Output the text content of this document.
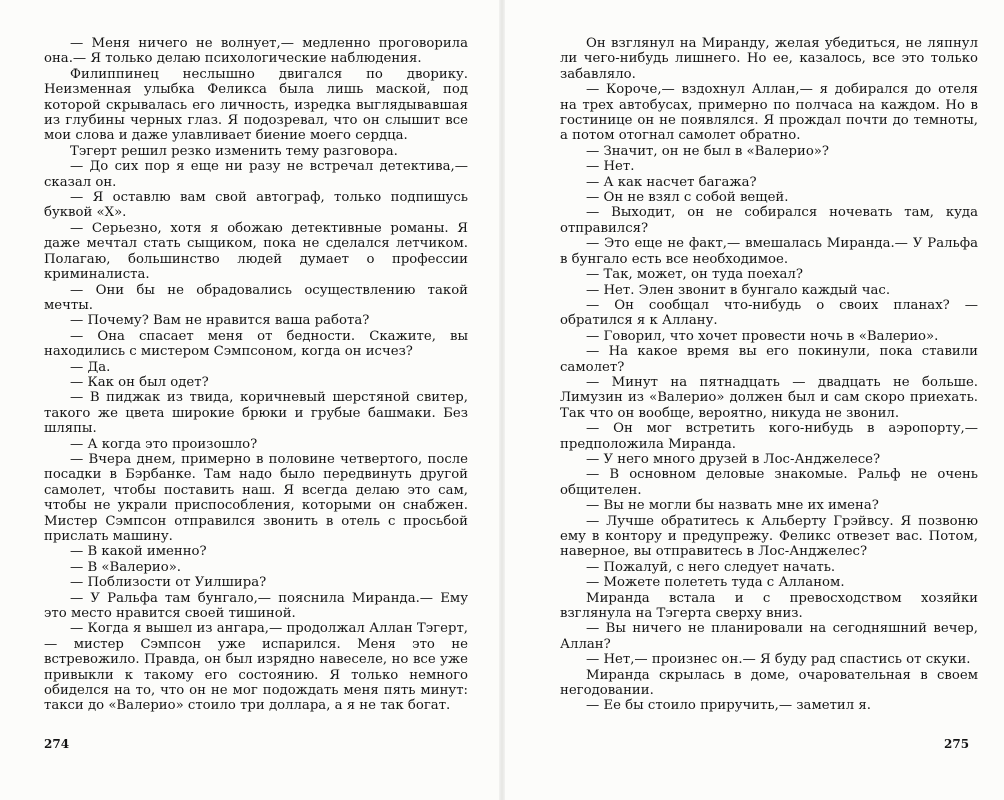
— Меня ничего не волнует,— медленно проговорила она.— Я только делаю психологические наблюдения.

Филиппинец неслышно двигался по дворику. Неизменная улыбка Феликса была лишь маской, под которой скрывалась его личность, изредка выглядывавшая из глубины черных глаз. Я подозревал, что он слышит все мои слова и даже улавливает биение моего сердца.

Тэгерт решил резко изменить тему разговора.

— До сих пор я еще ни разу не встречал детектива,— сказал он.

— Я оставлю вам свой автограф, только подпишусь буквой «Х».

— Серьезно, хотя я обожаю детективные романы. Я даже мечтал стать сыщиком, пока не сделался летчиком. Полагаю, большинство людей думает о профессии криминалиста.

— Они бы не обрадовались осуществлению такой мечты.

— Почему? Вам не нравится ваша работа?

— Она спасает меня от бедности. Скажите, вы находились с мистером Сэмпсоном, когда он исчез?

— Да.

— Как он был одет?

— В пиджак из твида, коричневый шерстяной свитер, такого же цвета широкие брюки и грубые башмаки. Без шляпы.

— А когда это произошло?

— Вчера днем, примерно в половине четвертого, после посадки в Бэрбанке. Там надо было передвинуть другой самолет, чтобы поставить наш. Я всегда делаю это сам, чтобы не украли приспособления, которыми он снабжен. Мистер Сэмпсон отправился звонить в отель с просьбой прислать машину.

— В какой именно?

— В «Валерио».

— Поблизости от Уилшира?

— У Ральфа там бунгало,— пояснила Миранда.— Ему это место нравится своей тишиной.

— Когда я вышел из ангара,— продолжал Аллан Тэгерт,— мистер Сэмпсон уже испарился. Меня это не встревожило. Правда, он был изрядно навеселе, но все уже привыкли к такому его состоянию. Я только немного обиделся на то, что он не мог подождать меня пять минут: такси до «Валерио» стоило три доллара, а я не так богат.

274

Он взглянул на Миранду, желая убедиться, не ляпнул ли чего-нибудь лишнего. Но ее, казалось, все это только забавляло.

— Короче,— вздохнул Аллан,— я добирался до отеля на трех автобусах, примерно по полчаса на каждом. Но в гостинице он не появлялся. Я прождал почти до темноты, а потом отогнал самолет обратно.

— Значит, он не был в «Валерио»?

— Нет.

— А как насчет багажа?

— Он не взял с собой вещей.

— Выходит, он не собирался ночевать там, куда отправился?

— Это еще не факт,— вмешалась Миранда.— У Ральфа в бунгало есть все необходимое.

— Так, может, он туда поехал?

— Нет. Элен звонит в бунгало каждый час.

— Он сообщал что-нибудь о своих планах? — обратился я к Аллану.

— Говорил, что хочет провести ночь в «Валерио».

— На какое время вы его покинули, пока ставили самолет?

— Минут на пятнадцать — двадцать не больше. Лимузин из «Валерио» должен был и сам скоро приехать. Так что он вообще, вероятно, никуда не звонил.

— Он мог встретить кого-нибудь в аэропорту,— предположила Миранда.

— У него много друзей в Лос-Анджелесе?

— В основном деловые знакомые. Ральф не очень общителен.

— Вы не могли бы назвать мне их имена?

— Лучше обратитесь к Альберту Грэйвсу. Я позвоню ему в контору и предупрежу. Феликс отвезет вас. Потом, наверное, вы отправитесь в Лос-Анджелес?

— Пожалуй, с него следует начать.

— Можете полететь туда с Алланом.

Миранда встала и с превосходством хозяйки взглянула на Тэгерта сверху вниз.

— Вы ничего не планировали на сегодняшний вечер, Аллан?

— Нет,— произнес он.— Я буду рад спастись от скуки.

Миранда скрылась в доме, очаровательная в своем негодовании.

— Ее бы стоило приручить,— заметил я.

275
